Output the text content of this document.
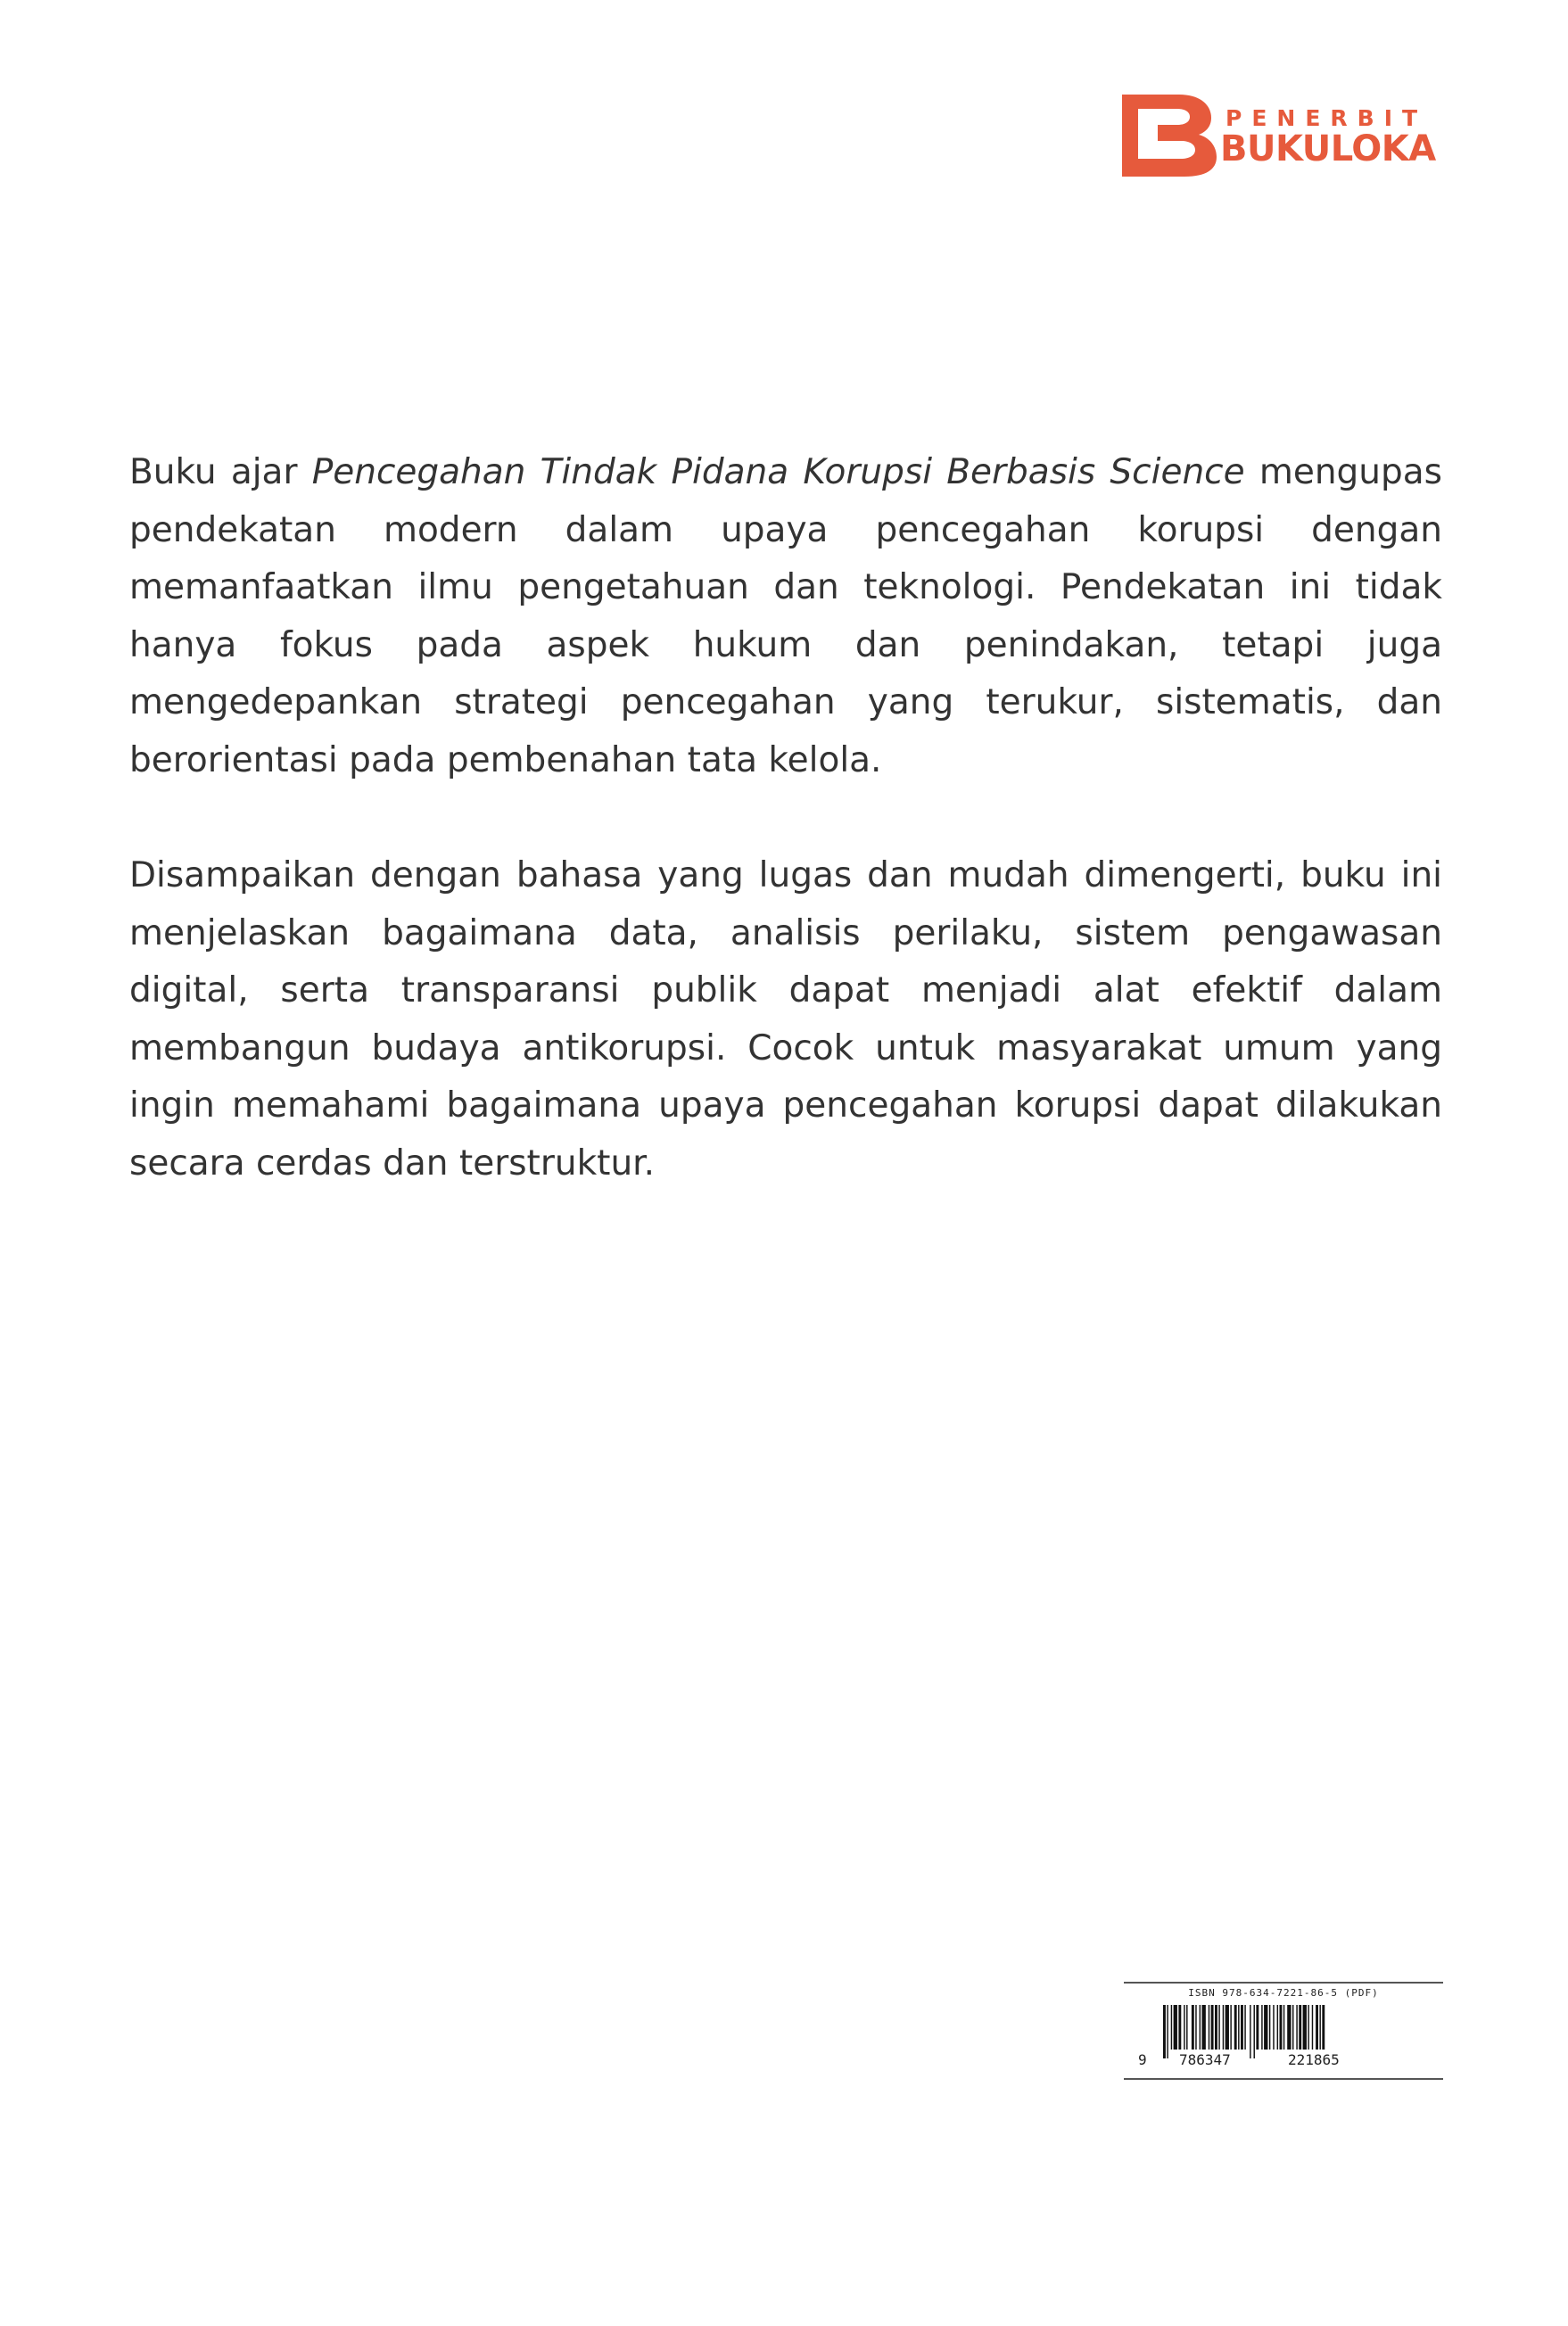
PENERBIT
BUKULOKA

Buku ajar Pencegahan Tindak Pidana Korupsi Berbasis Science mengupas pendekatan modern dalam upaya pencegahan korupsi dengan memanfaatkan ilmu pengetahuan dan teknologi. Pendekatan ini tidak hanya fokus pada aspek hukum dan penindakan, tetapi juga mengedepankan strategi pencegahan yang terukur, sistematis, dan berorientasi pada pembenahan tata kelola.

Disampaikan dengan bahasa yang lugas dan mudah dimengerti, buku ini menjelaskan bagaimana data, analisis perilaku, sistem pengawasan digital, serta transparansi publik dapat menjadi alat efektif dalam membangun budaya antikorupsi. Cocok untuk masyarakat umum yang ingin memahami bagaimana upaya pencegahan korupsi dapat dilakukan secara cerdas dan terstruktur.

ISBN 978-634-7221-86-5 (PDF)
9 786347	221865
